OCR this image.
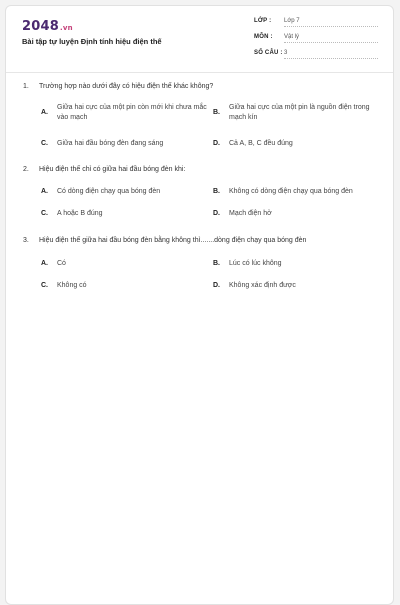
2048.vn
Bài tập tự luyện Định tính hiệu điện thế
LỚP : Lớp 7
MÔN : Vật lý
SỐ CÂU : 3
1. Trường hợp nào dưới đây có hiệu điện thế khác không?
A.
Giữa hai cực của một pin còn mới khi chưa mắc vào mạch
B.
Giữa hai cực của một pin là nguồn điện trong mạch kín
C. Giữa hai đầu bóng đèn đang sáng	D. Cả A, B, C đều đúng
2. Hiệu điện thế chỉ có giữa hai đầu bóng đèn khi:
A. Có dòng điện chạy qua bóng đèn	B. Không có dòng điện chạy qua bóng đèn
C. A hoặc B đúng	D. Mạch điện hở
3. Hiệu điện thế giữa hai đầu bóng đèn bằng không thì.......dòng điện chạy qua bóng đèn
A. Có	B. Lúc có lúc không
C. Không có	D. Không xác định được
